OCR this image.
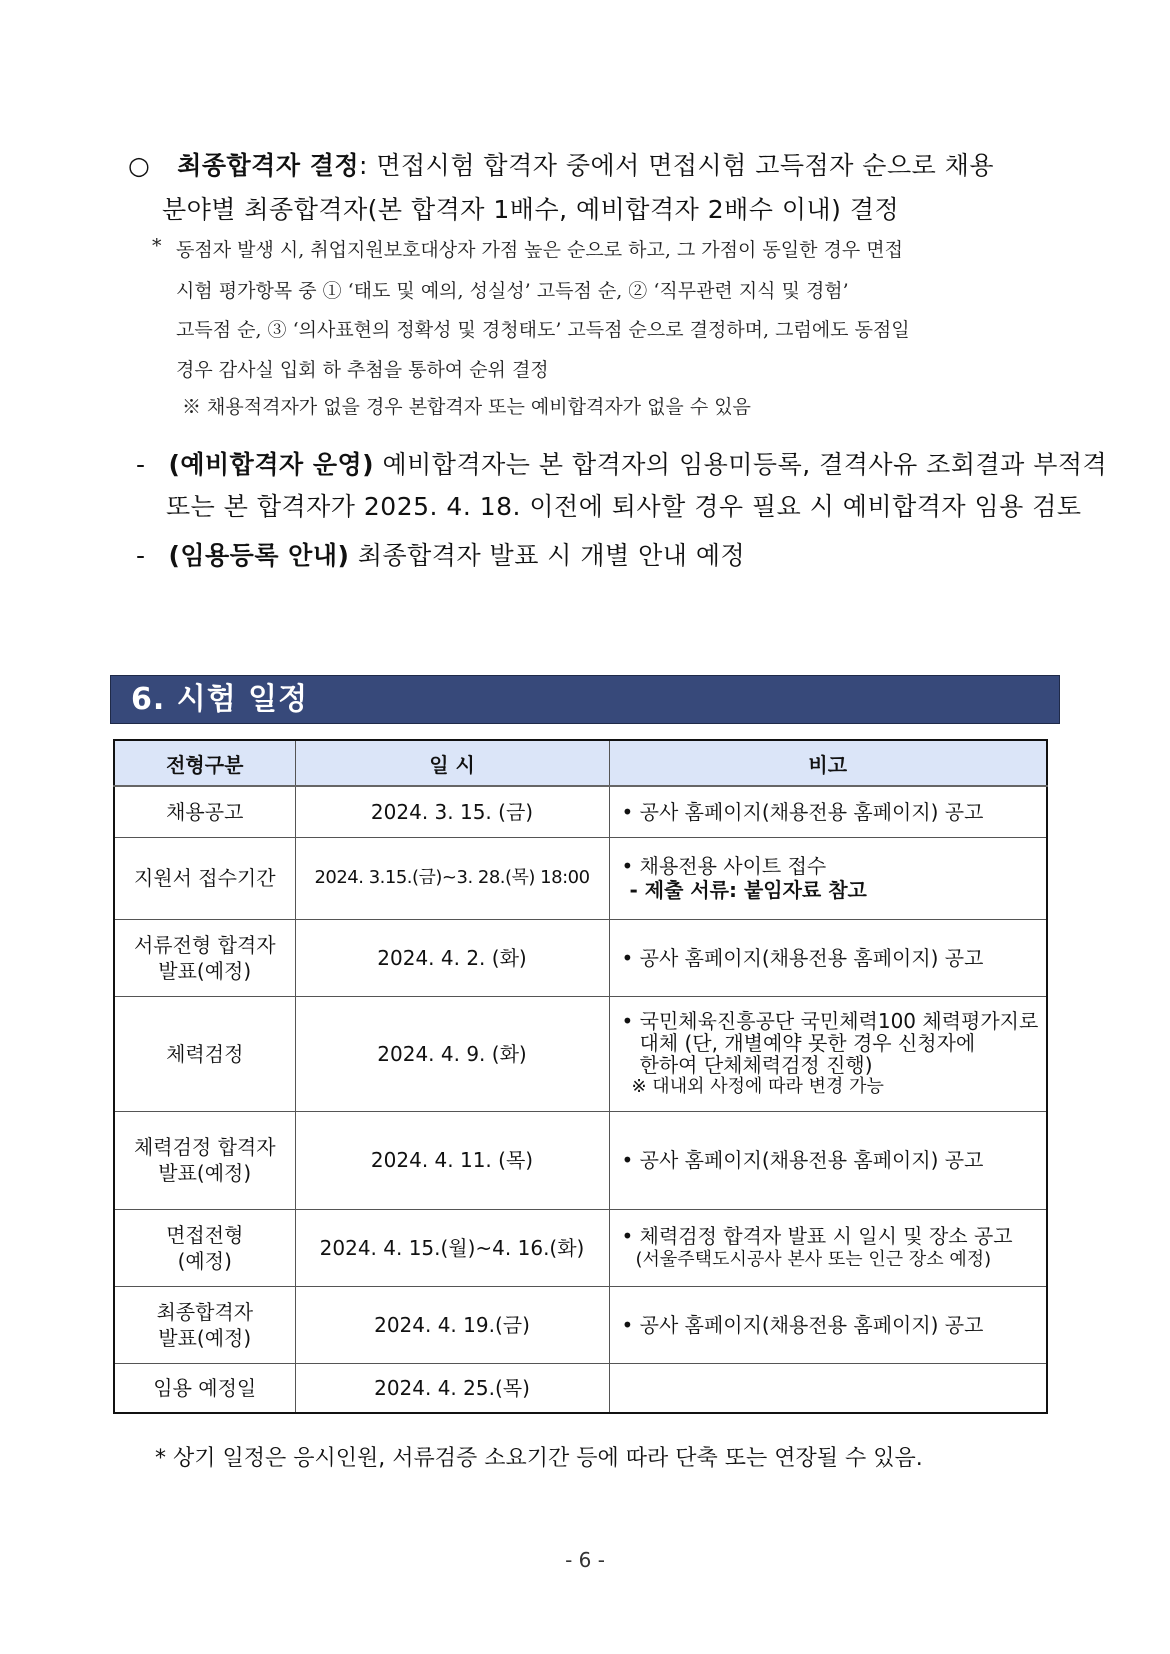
○ 최종합격자 결정: 면접시험 합격자 중에서 면접시험 고득점자 순으로 채용
분야별 최종합격자(본 합격자 1배수, 예비합격자 2배수 이내) 결정
* 동점자 발생 시, 취업지원보호대상자 가점 높은 순으로 하고, 그 가점이 동일한 경우 면접
시험 평가항목 중 ① ‘태도 및 예의, 성실성’ 고득점 순, ② ‘직무관련 지식 및 경험’
고득점 순, ③ ‘의사표현의 정확성 및 경청태도’ 고득점 순으로 결정하며, 그럼에도 동점일
경우 감사실 입회 하 추첨을 통하여 순위 결정
※ 채용적격자가 없을 경우 본합격자 또는 예비합격자가 없을 수 있음
- (예비합격자 운영) 예비합격자는 본 합격자의 임용미등록, 결격사유 조회결과 부적격
또는 본 합격자가 2025. 4. 18. 이전에 퇴사할 경우 필요 시 예비합격자 임용 검토
- (임용등록 안내) 최종합격자 발표 시 개별 안내 예정
6. 시험 일정
전형구분	일 시	비고
채용공고	2024. 3. 15. (금)	• 공사 홈페이지(채용전용 홈페이지) 공고

지원서 접수기간	2024. 3.15.(금)~3. 28.(목) 18:00	• 채용전용 사이트 접수
- 제출 서류: 붙임자료 참고

서류전형 합격자
발표(예정)	2024. 4. 2. (화)	• 공사 홈페이지(채용전용 홈페이지) 공고

체력검정	2024. 4. 9. (화)	• 국민체육진흥공단 국민체력100 체력평가지로
대체 (단, 개별예약 못한 경우 신청자에
한하여 단체체력검정 진행)
※ 대내외 사정에 따라 변경 가능

체력검정 합격자
발표(예정)	2024. 4. 11. (목)	• 공사 홈페이지(채용전용 홈페이지) 공고

면접전형
(예정)	2024. 4. 15.(월)~4. 16.(화)	• 체력검정 합격자 발표 시 일시 및 장소 공고
(서울주택도시공사 본사 또는 인근 장소 예정)

최종합격자
발표(예정)	2024. 4. 19.(금)	• 공사 홈페이지(채용전용 홈페이지) 공고

임용 예정일	2024. 4. 25.(목)	
* 상기 일정은 응시인원, 서류검증 소요기간 등에 따라 단축 또는 연장될 수 있음.
- 6 -
